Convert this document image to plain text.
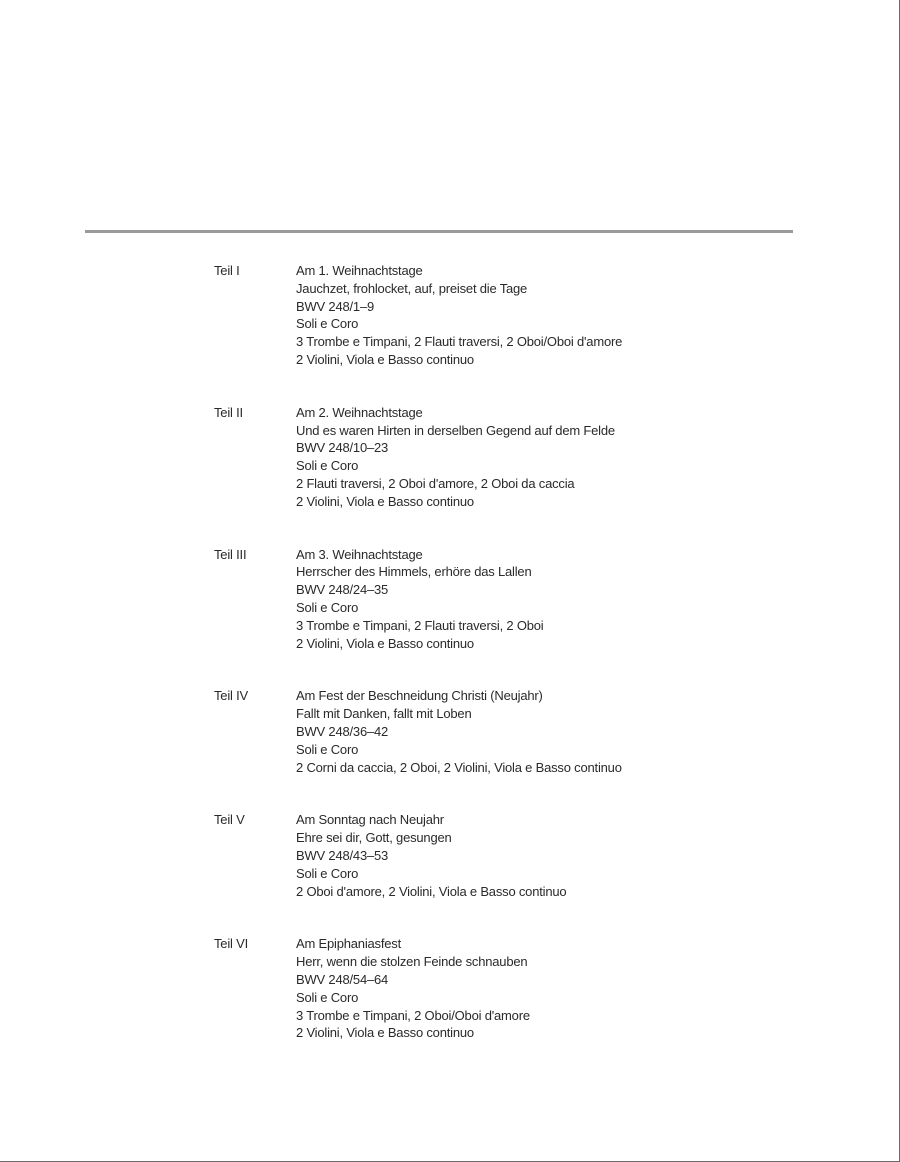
Teil I	Am 1. Weihnachtstage
Jauchzet, frohlocket, auf, preiset die Tage
BWV 248/1–9
Soli e Coro
3 Trombe e Timpani, 2 Flauti traversi, 2 Oboi/Oboi d'amore
2 Violini, Viola e Basso continuo
Teil II	Am 2. Weihnachtstage
Und es waren Hirten in derselben Gegend auf dem Felde
BWV 248/10–23
Soli e Coro
2 Flauti traversi, 2 Oboi d'amore, 2 Oboi da caccia
2 Violini, Viola e Basso continuo
Teil III	Am 3. Weihnachtstage
Herrscher des Himmels, erhöre das Lallen
BWV 248/24–35
Soli e Coro
3 Trombe e Timpani, 2 Flauti traversi, 2 Oboi
2 Violini, Viola e Basso continuo
Teil IV	Am Fest der Beschneidung Christi (Neujahr)
Fallt mit Danken, fallt mit Loben
BWV 248/36–42
Soli e Coro
2 Corni da caccia, 2 Oboi, 2 Violini, Viola e Basso continuo
Teil V	Am Sonntag nach Neujahr
Ehre sei dir, Gott, gesungen
BWV 248/43–53
Soli e Coro
2 Oboi d'amore, 2 Violini, Viola e Basso continuo
Teil VI	Am Epiphaniasfest
Herr, wenn die stolzen Feinde schnauben
BWV 248/54–64
Soli e Coro
3 Trombe e Timpani, 2 Oboi/Oboi d'amore
2 Violini, Viola e Basso continuo
